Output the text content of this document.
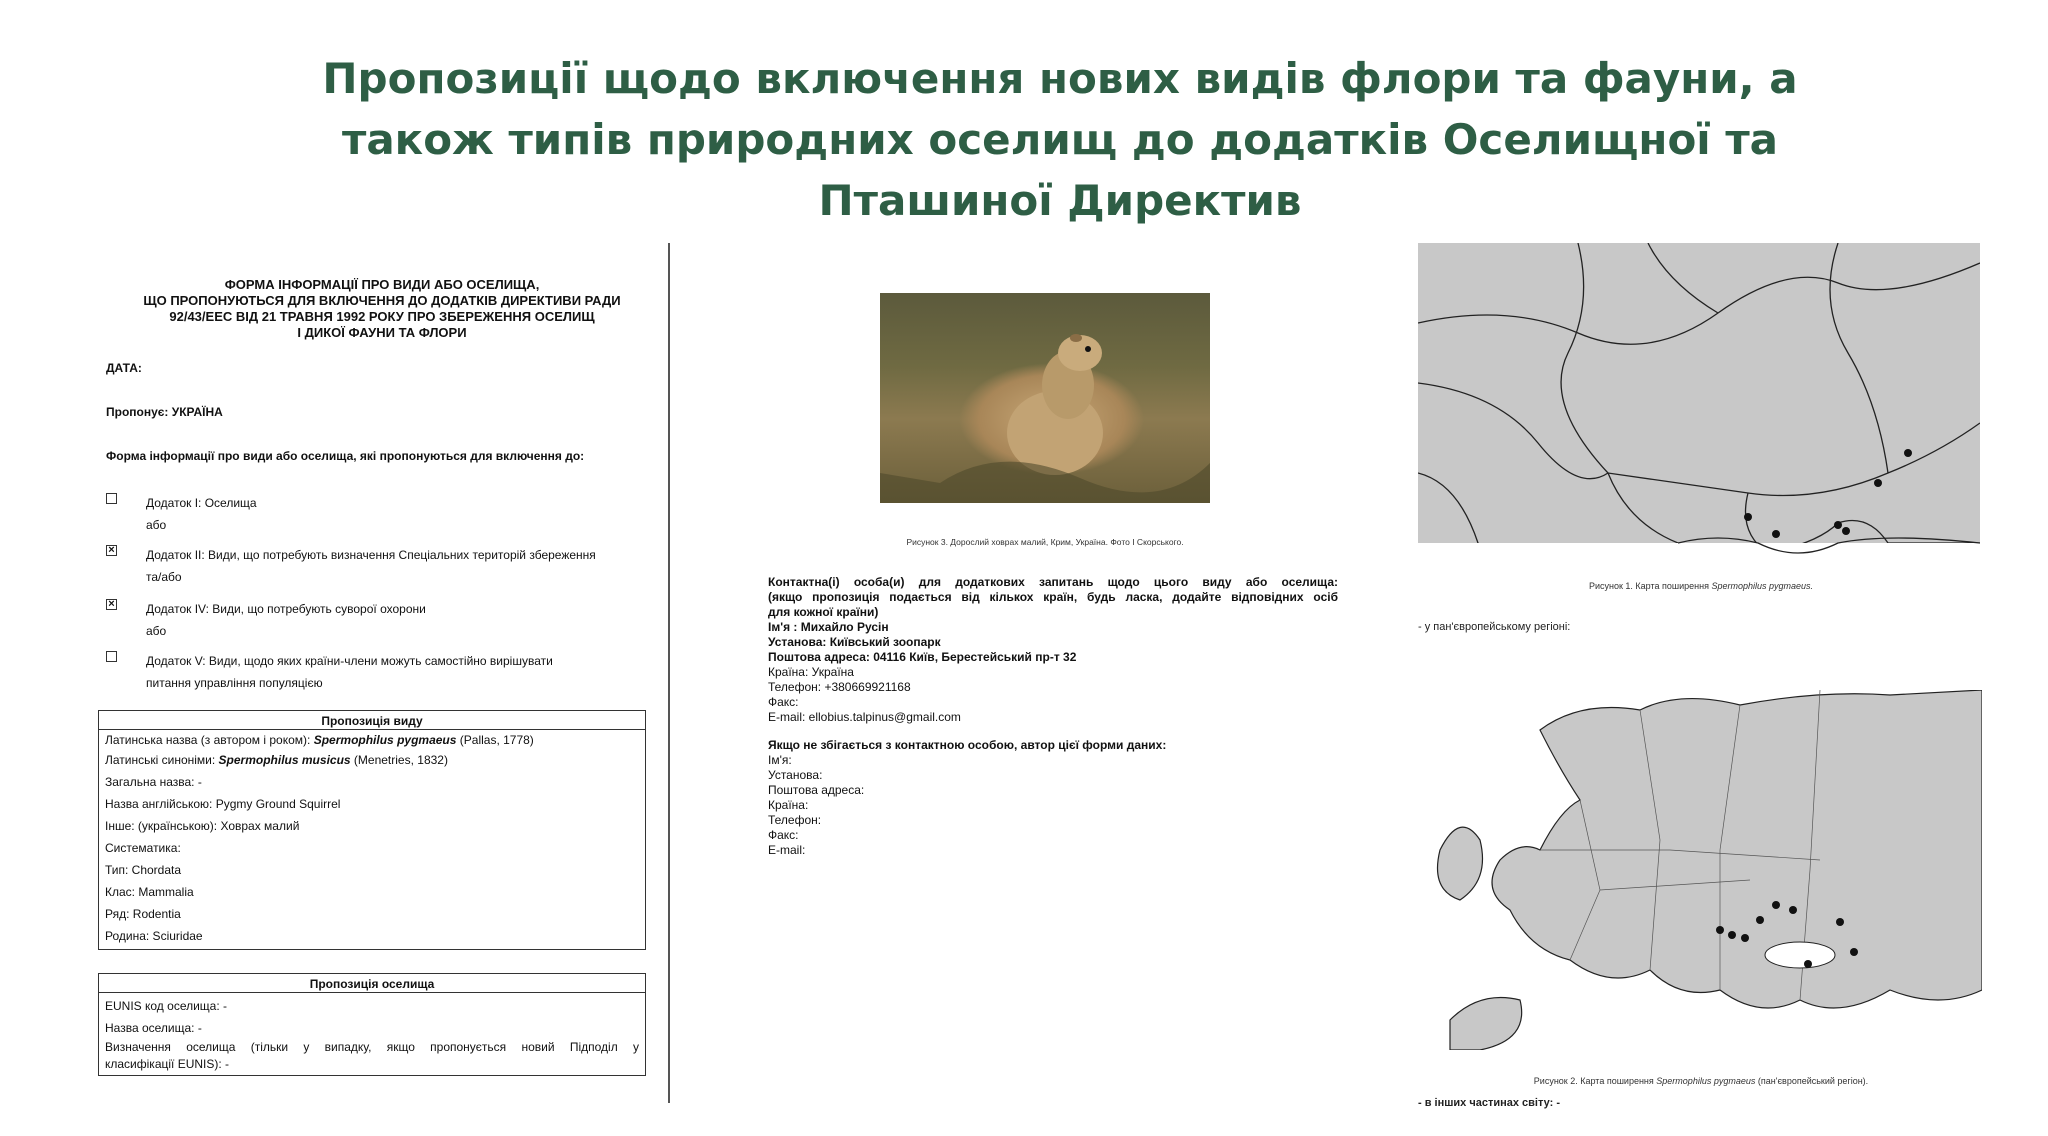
Пропозиції щодо включення нових видів флори та фауни, а
також типів природних оселищ до додатків Оселищної та
Пташиної Директив
ФОРМА ІНФОРМАЦІЇ ПРО ВИДИ АБО ОСЕЛИЩА,
ЩО ПРОПОНУЮТЬСЯ ДЛЯ ВКЛЮЧЕННЯ ДО ДОДАТКІВ ДИРЕКТИВИ РАДИ
92/43/ЕЕС ВІД 21 ТРАВНЯ 1992 РОКУ ПРО ЗБЕРЕЖЕННЯ ОСЕЛИЩ
І ДИКОЇ ФАУНИ ТА ФЛОРИ
ДАТА:
Пропонує: УКРАЇНА
Форма інформації про види або оселища, які пропонуються для включення до:
Додаток І: Оселища
або
×	Додаток II: Види, що потребують визначення Спеціальних територій збереження
та/або
×	Додаток IV: Види, що потребують суворої охорони
або
Додаток V: Види, щодо яких країни-члени можуть самостійно вирішувати
питання управління популяцією
Пропозиція виду
Латинська назва (з автором і роком): Spermophilus pygmaeus (Pallas, 1778)
Латинські синоніми: Spermophilus musicus (Menetries, 1832)
Загальна назва: -
Назва англійською: Pygmy Ground Squirrel
Інше: (українською): Ховрах малий
Систематика:
Тип: Chordata
Клас: Mammalia
Ряд: Rodentia
Родина: Sciuridae
Пропозиція оселища
EUNIS код оселища: -
Назва оселища: -
Визначення оселища (тільки у випадку, якщо пропонується новий Підподіл у
класифікації EUNIS): -
Рисунок 3. Дорослий ховрах малий, Крим, Україна. Фото І Скорського.
Контактна(і) особа(и) для додаткових запитань щодо цього виду або оселища:
(якщо пропозиція подається від кількох країн, будь ласка, додайте відповідних осіб
для кожної країни)
Ім'я : Михайло Русін
Установа: Київський зоопарк
Поштова адреса: 04116 Київ, Берестейський пр-т 32
Країна: Україна
Телефон: +380669921168
Факс:
E-mail: ellobius.talpinus@gmail.com
Якщо не збігається з контактною особою, автор цієї форми даних:
Ім'я:
Установа:
Поштова адреса:
Країна:
Телефон:
Факс:
E-mail:
Рисунок 1. Карта поширення Spermophilus pygmaeus.
- у пан'європейському регіоні:
Рисунок 2. Карта поширення Spermophilus pygmaeus (пан'європейський регіон).
- в інших частинах світу: -
